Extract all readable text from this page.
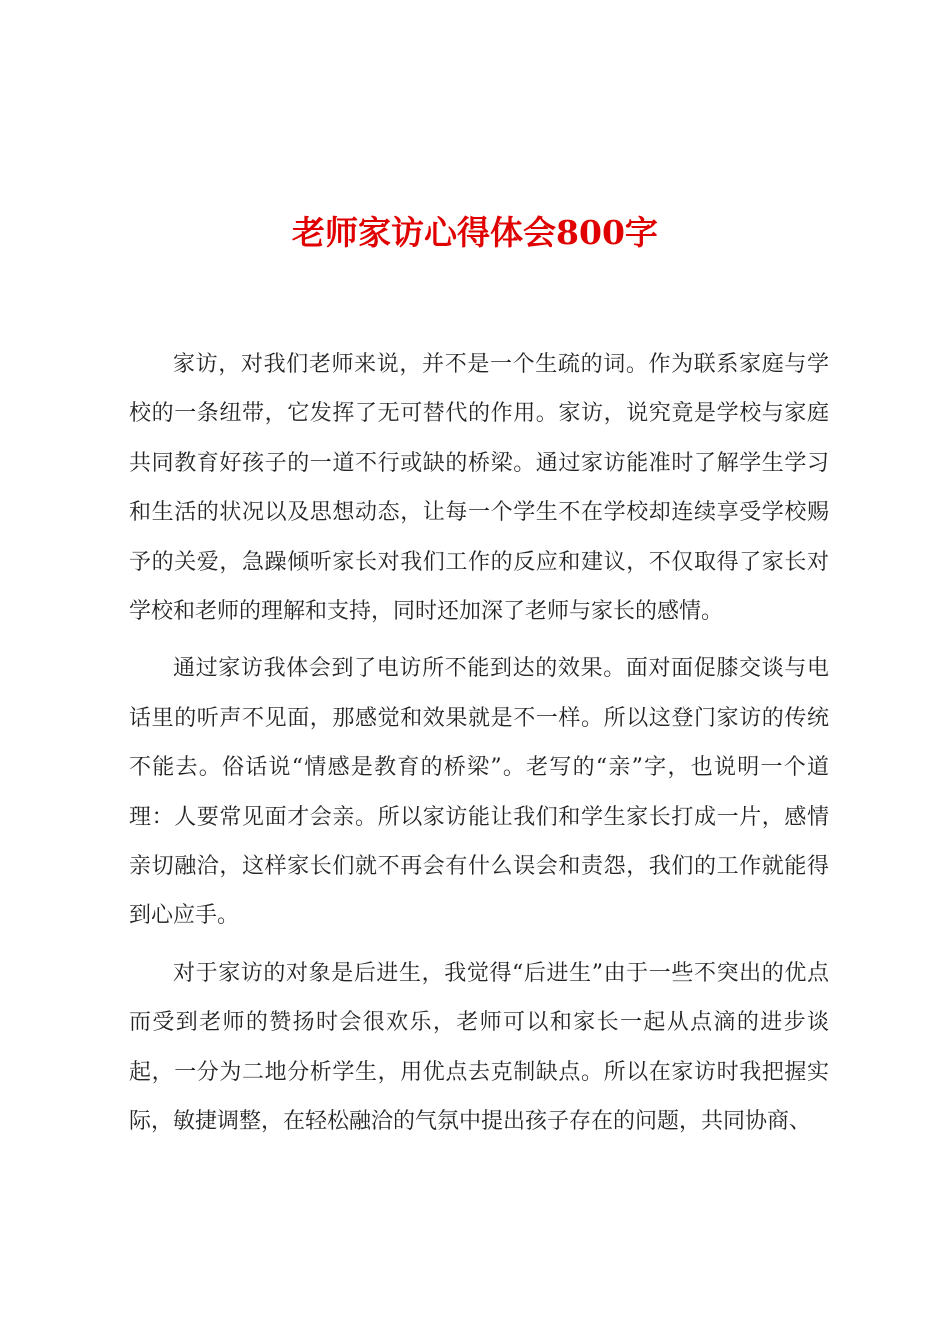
老师家访心得体会800字

家访，对我们老师来说，并不是一个生疏的词。作为联系家庭与学校的一条纽带，它发挥了无可替代的作用。家访，说究竟是学校与家庭共同教育好孩子的一道不行或缺的桥梁。通过家访能准时了解学生学习和生活的状况以及思想动态，让每一个学生不在学校却连续享受学校赐予的关爱，急躁倾听家长对我们工作的反应和建议，不仅取得了家长对学校和老师的理解和支持，同时还加深了老师与家长的感情。

通过家访我体会到了电访所不能到达的效果。面对面促膝交谈与电话里的听声不见面，那感觉和效果就是不一样。所以这登门家访的传统不能去。俗话说“情感是教育的桥梁”。老写的“亲”字，也说明一个道理：人要常见面才会亲。所以家访能让我们和学生家长打成一片，感情亲切融洽，这样家长们就不再会有什么误会和责怨，我们的工作就能得到心应手。

对于家访的对象是后进生，我觉得“后进生”由于一些不突出的优点而受到老师的赞扬时会很欢乐，老师可以和家长一起从点滴的进步谈起，一分为二地分析学生，用优点去克制缺点。所以在家访时我把握实际，敏捷调整，在轻松融洽的气氛中提出孩子存在的问题，共同协商、
